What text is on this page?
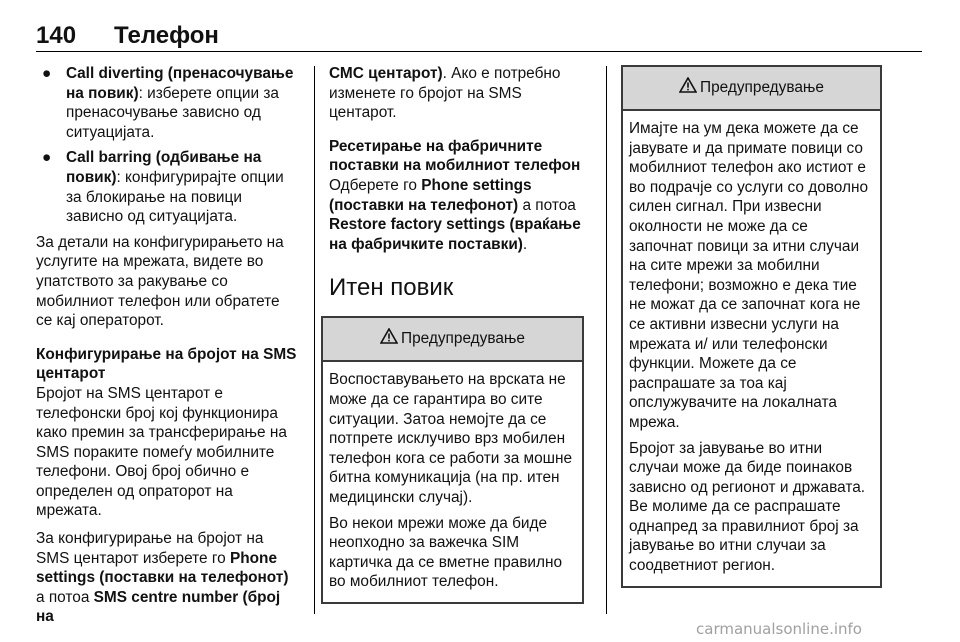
140 Телефон
● Call diverting (пренасочување на повик): изберете опции за пренасочување зависно од ситуацијата.
● Call barring (одбивање на повик): конфигурирајте опции за блокирање на повици зависно од ситуацијата.

За детали на конфигурирањето на услугите на мрежата, видете во упатството за ракување со мобилниот телефон или обратете се кај операторот.

Конфигурирање на бројот на SMS центарот

Бројот на SMS центарот е телефонски број кој функционира како премин за трансферирање на SMS пораките помеѓу мобилните телефони. Овој број обично е определен од опраторот на мрежата.

За конфигурирање на бројот на SMS центарот изберете го Phone settings (поставки на телефонот) а потоа SMS centre number (број на

СМС центарот). Ако е потребно изменете го бројот на SMS центарот.

Ресетирање на фабричните поставки на мобилниот телефон

Одберете го Phone settings (поставки на телефонот) а потоа Restore factory settings (враќање на фабричките поставки).

Итен повик
Предупредување

Воспоставувањето на врската не може да се гарантира во сите ситуации. Затоа немојте да се потпрете исклучиво врз мобилен телефон кога се работи за мошне битна комуникација (на пр. итен медицински случај).

Во некои мрежи може да биде неопходно за важечка SIM картичка да се вметне правилно во мобилниот телефон.

Предупредување

Имајте на ум дека можете да се јавувате и да примате повици со мобилниот телефон ако истиот е во подрачје со услуги со доволно силен сигнал. При извесни околности не може да се започнат повици за итни случаи на сите мрежи за мобилни телефони; возможно е дека тие не можат да се започнат кога не се активни извесни услуги на мрежата и/ или телефонски функции. Можете да се распрашате за тоа кај опслужувачите на локалната мрежа.

Бројот за јавување во итни случаи може да биде поинаков зависно од регионот и државата. Ве молиме да се распрашате однапред за правилниот број за јавување во итни случаи за соодветниот регион.

carmanualsonline.info
